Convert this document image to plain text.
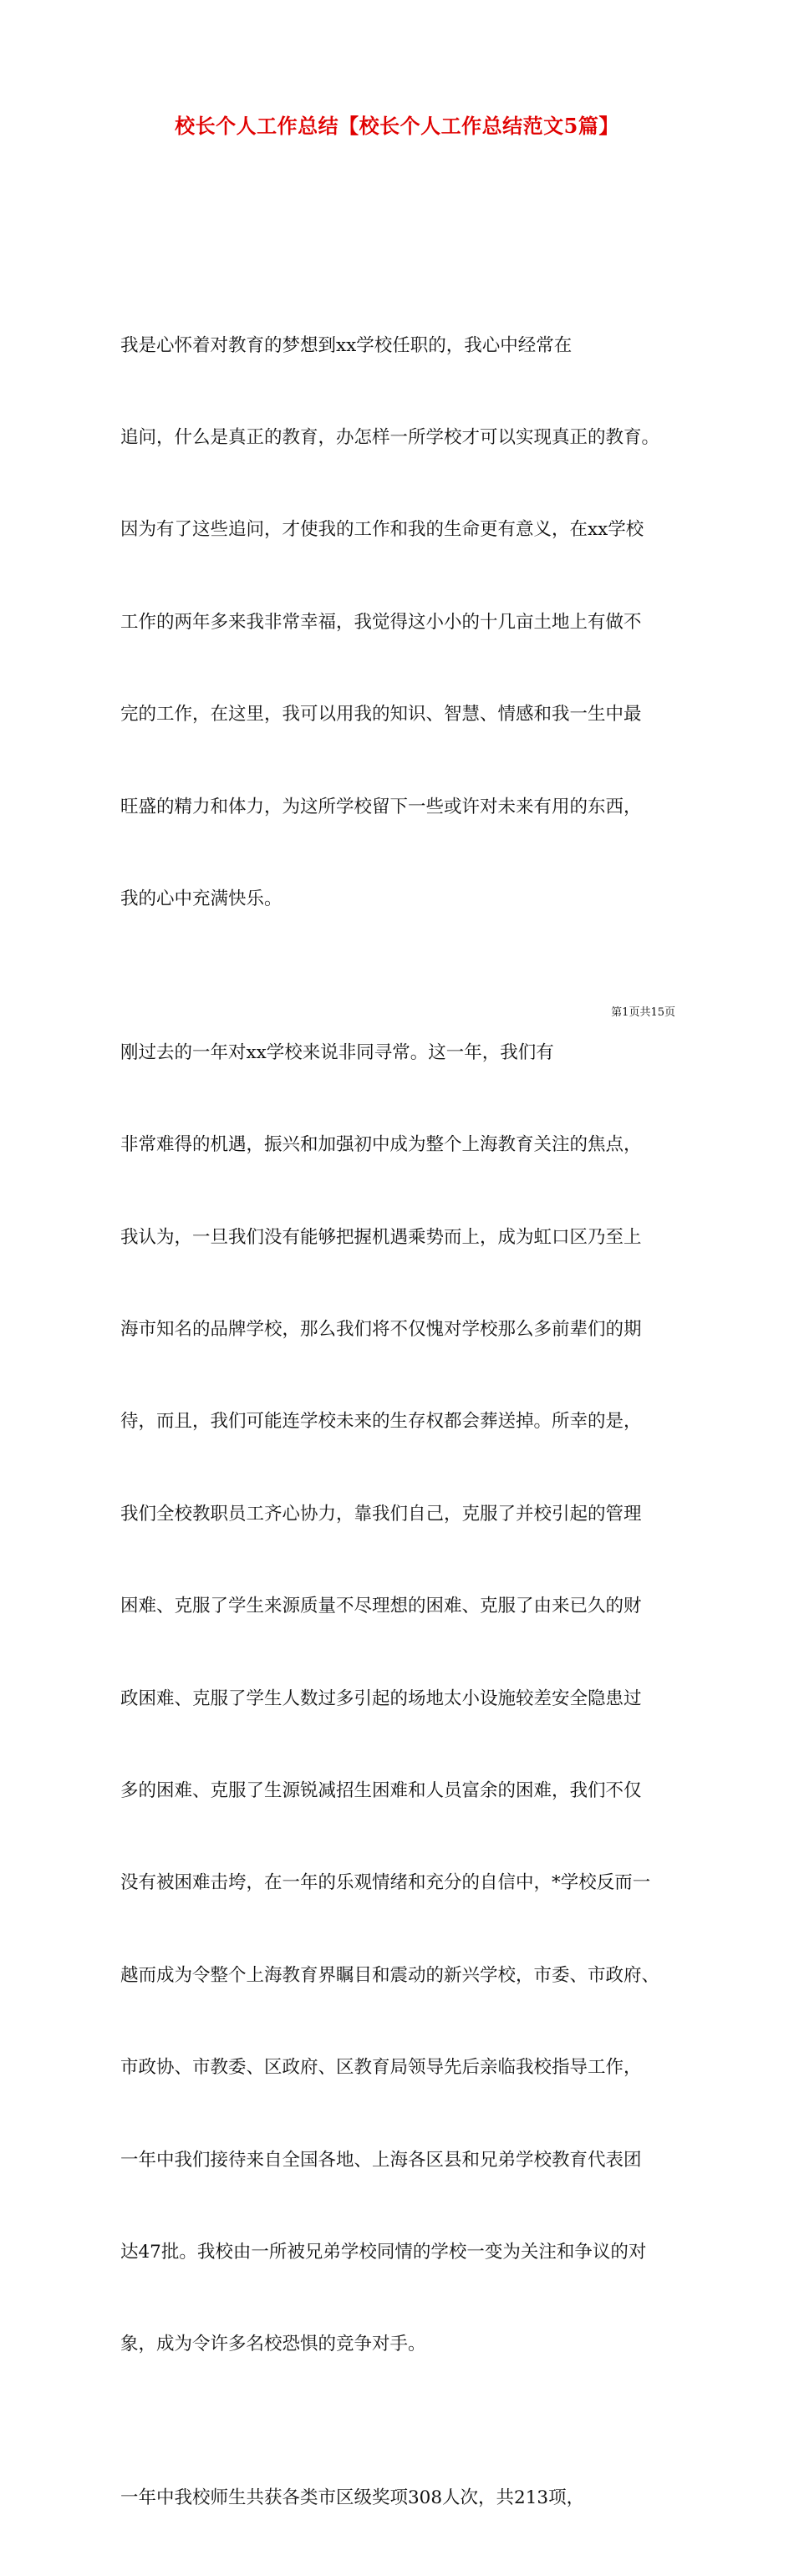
校长个人工作总结【校长个人工作总结范文5篇】

我是心怀着对教育的梦想到xx学校任职的，我心中经常在

追问，什么是真正的教育，办怎样一所学校才可以实现真正的教育。

因为有了这些追问，才使我的工作和我的生命更有意义，在xx学校

工作的两年多来我非常幸福，我觉得这小小的十几亩土地上有做不

完的工作，在这里，我可以用我的知识、智慧、情感和我一生中最

旺盛的精力和体力，为这所学校留下一些或许对未来有用的东西，

我的心中充满快乐。

刚过去的一年对xx学校来说非同寻常。这一年，我们有

非常难得的机遇，振兴和加强初中成为整个上海教育关注的焦点，

我认为，一旦我们没有能够把握机遇乘势而上，成为虹口区乃至上

海市知名的品牌学校，那么我们将不仅愧对学校那么多前辈们的期

待，而且，我们可能连学校未来的生存权都会葬送掉。所幸的是，

我们全校教职员工齐心协力，靠我们自己，克服了并校引起的管理

困难、克服了学生来源质量不尽理想的困难、克服了由来已久的财

政困难、克服了学生人数过多引起的场地太小设施较差安全隐患过

多的困难、克服了生源锐减招生困难和人员富余的困难，我们不仅

没有被困难击垮，在一年的乐观情绪和充分的自信中，*学校反而一

越而成为令整个上海教育界瞩目和震动的新兴学校，市委、市政府、

市政协、市教委、区政府、区教育局领导先后亲临我校指导工作，

一年中我们接待来自全国各地、上海各区县和兄弟学校教育代表团

达47批。我校由一所被兄弟学校同情的学校一变为关注和争议的对

象，成为令许多名校恐惧的竞争对手。

一年中我校师生共获各类市区级奖项308人次，共213项，

第1页共15页
